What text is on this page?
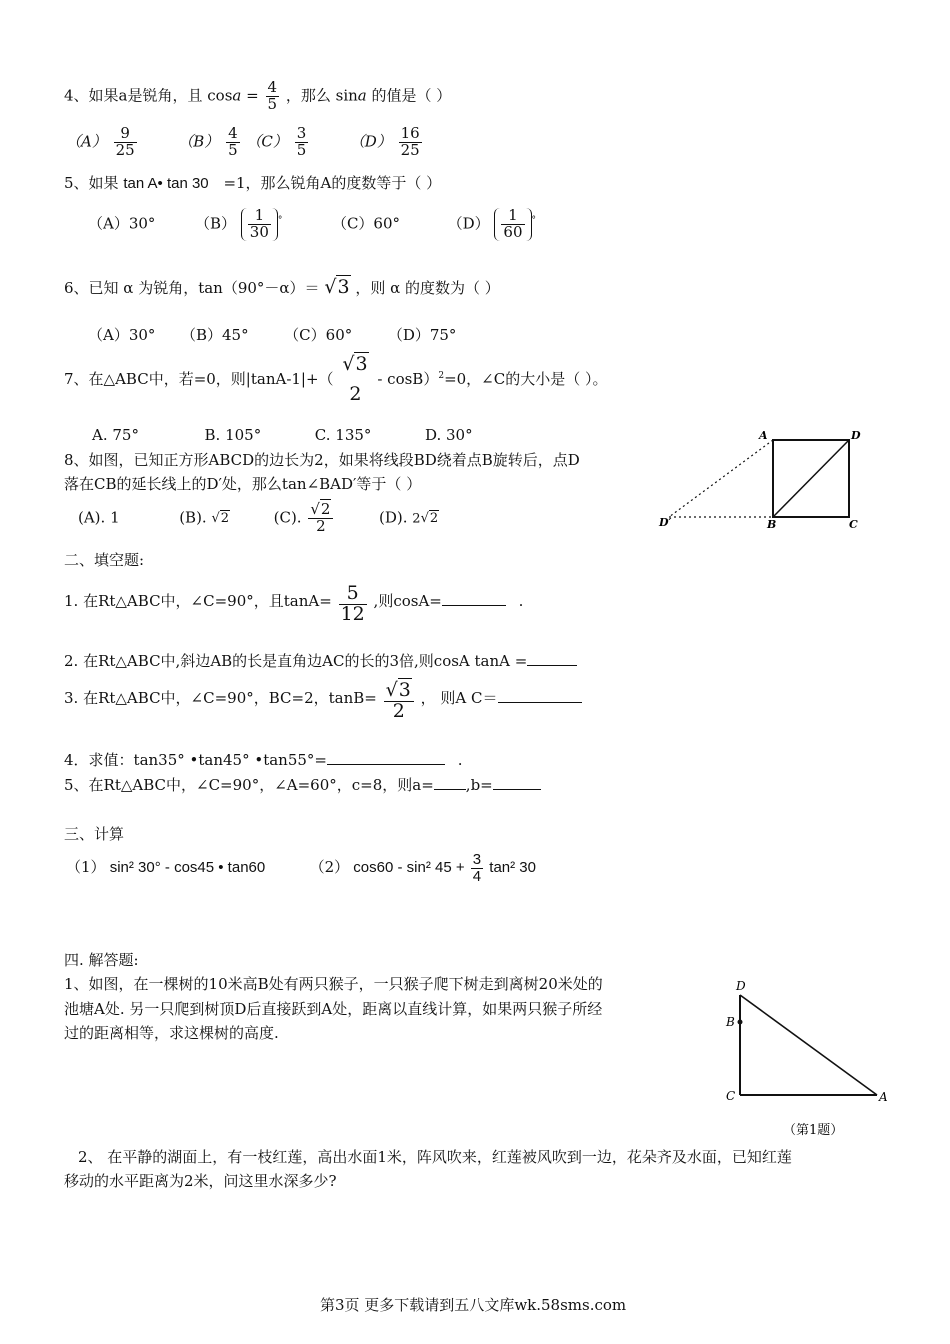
4、如果a是锐角，且 $\cos a = \frac{4}{5}$ ，那么 sina 的值是（ ）
$(A) \frac{9}{25}$	$(B) \frac{4}{5} (C) \frac{3}{5}$	$(D) \frac{16}{25}$
5、如果 tan A• tan 30 =1，那么锐角A的度数等于（ ）
（A）30°	$(B) \frac{1}{30} ^\circ$	（C）60°	$(D) \frac{1}{60} ^\circ$
6、已知 α 为锐角，tan（90°－α）＝ √3 ，则 α 的度数为（ ）
（A）30° （B）45° （C）60° （D）75°
7、在△ABC中，若=0，则|tanA-1|+（
√3
2
- cosB）$^2$=0，∠C的大小是（ ）。
A. 75°	B. 105°	C. 135°	D. 30°
8、如图，已知正方形ABCD的边长为2，如果将线段BD绕着点B旋转后，点D
落在CB的延长线上的D′处，那么tan∠BAD′等于（ ）
(A). 1	(B). √2	(C). $\frac{√2}{2}$	(D). 2√2
A	D
D′	B	C
二、填空题:
1. 在Rt△ABC中，∠C=90°，且$\tan A= \frac{5}{12}$ ,则cosA=	.
2. 在Rt△ABC中,斜边AB的长是直角边AC的长的3倍,则cosA tanA =
3. 在Rt△ABC中，∠C=90°，BC=2，$\tan B= \frac{√3}{2}$ ， 则A C＝
4．求值：tan35° •tan45° •tan55°=	.
5、在Rt△ABC中，∠C=90°，∠A=60°，c=8，则a= ,b=
三、计算
（1） sin² 30° - cos45 • tan60	（2） cos60 - sin² $45 + \frac{3}{4} \tan^2$ 30
四. 解答题:
1、如图，在一棵树的10米高B处有两只猴子，一只猴子爬下树走到离树20米处的
池塘A处. 另一只爬到树顶D后直接跃到A处，距离以直线计算，如果两只猴子所经
过的距离相等，求这棵树的高度.
D
B
C	A
（第1题）
2、 在平静的湖面上，有一枝红莲，高出水面1米，阵风吹来，红莲被风吹到一边，花朵齐及水面，已知红莲
移动的水平距离为2米，问这里水深多少?
第3页 更多下载请到五八文库wk.58sms.com
